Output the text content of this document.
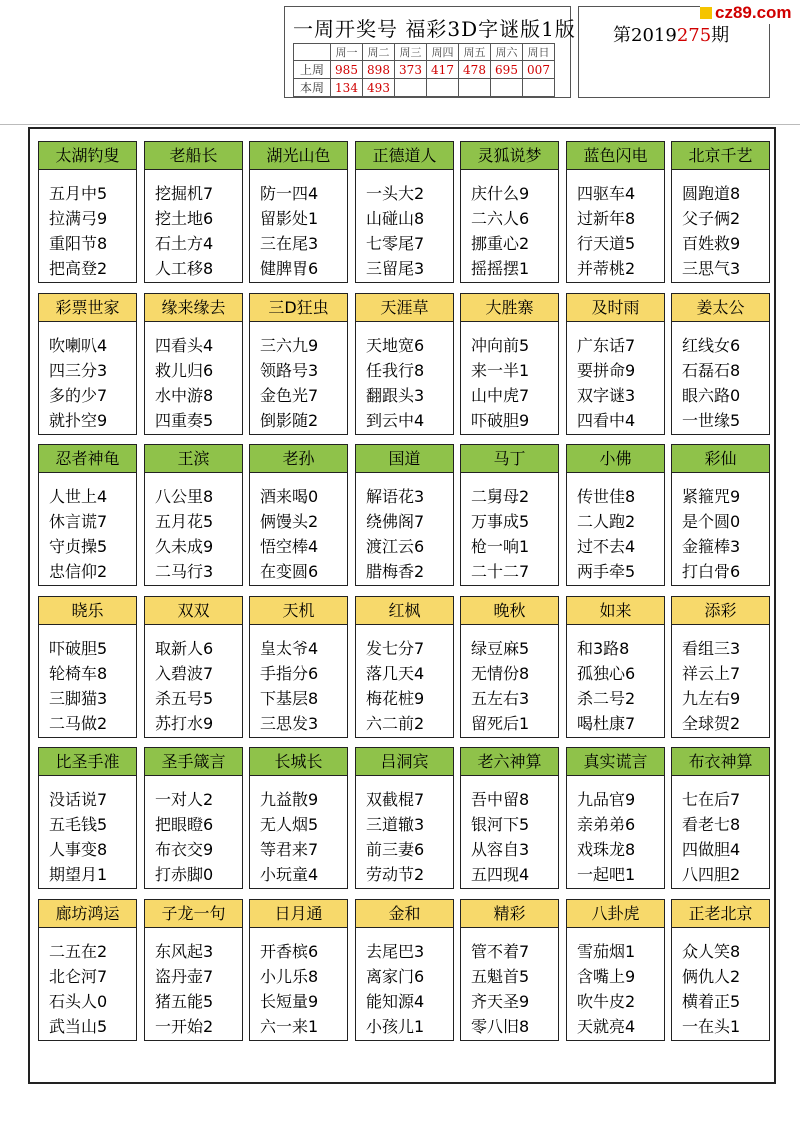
一周开奖号 福彩3D字谜版1版
	周一	周二	周三	周四	周五	周六	周日
上周	985	898	373	417	478	695	007
本周	134	493					
第2019275期
cz89.com
太湖钓叟
五月中5
拉满弓9
重阳节8
把高登2
老船长
挖掘机7
挖土地6
石土方4
人工移8
湖光山色
防一四4
留影处1
三在尾3
健脾胃6
正德道人
一头大2
山碰山8
七零尾7
三留尾3
灵狐说梦
庆什么9
二六人6
挪重心2
摇摇摆1
蓝色闪电
四驱车4
过新年8
行天道5
并蒂桃2
北京千艺
圆跑道8
父子俩2
百姓救9
三思气3
彩票世家
吹喇叭4
四三分3
多的少7
就扑空9
缘来缘去
四看头4
救儿归6
水中游8
四重奏5
三D狂虫
三六九9
领路号3
金色光7
倒影随2
天涯草
天地宽6
任我行8
翻跟头3
到云中4
大胜寨
冲向前5
来一半1
山中虎7
吓破胆9
及时雨
广东话7
要拼命9
双字谜3
四看中4
姜太公
红线女6
石磊石8
眼六路0
一世缘5
忍者神龟
人世上4
休言谎7
守贞操5
忠信仰2
王滨
八公里8
五月花5
久未成9
二马行3
老孙
酒来喝0
俩馒头2
悟空棒4
在变圆6
国道
解语花3
绕佛阁7
渡江云6
腊梅香2
马丁
二舅母2
万事成5
枪一响1
二十二7
小佛
传世佳8
二人跑2
过不去4
两手牵5
彩仙
紧箍咒9
是个圆0
金箍棒3
打白骨6
晓乐
吓破胆5
轮椅车8
三脚猫3
二马做2
双双
取新人6
入碧波7
杀五号5
苏打水9
天机
皇太爷4
手指分6
下基层8
三思发3
红枫
发七分7
落几天4
梅花桩9
六二前2
晚秋
绿豆麻5
无情份8
五左右3
留死后1
如来
和3路8
孤独心6
杀二号2
喝杜康7
添彩
看组三3
祥云上7
九左右9
全球贺2
比圣手准
没话说7
五毛钱5
人事变8
期望月1
圣手箴言
一对人2
把眼瞪6
布衣交9
打赤脚0
长城长
九益散9
无人烟5
等君来7
小玩童4
吕洞宾
双截棍7
三道辙3
前三妻6
劳动节2
老六神算
吾中留8
银河下5
从容自3
五四现4
真实谎言
九品官9
亲弟弟6
戏珠龙8
一起吧1
布衣神算
七在后7
看老七8
四做胆4
八四胆2
廊坊鸿运
二五在2
北仑河7
石头人0
武当山5
子龙一句
东风起3
盗丹壶7
猪五能5
一开始2
日月通
开香槟6
小儿乐8
长短量9
六一来1
金和
去尾巴3
离家门6
能知源4
小孩儿1
精彩
管不着7
五魁首5
齐天圣9
零八旧8
八卦虎
雪茄烟1
含嘴上9
吹牛皮2
天就亮4
正老北京
众人笑8
俩仇人2
横着正5
一在头1
